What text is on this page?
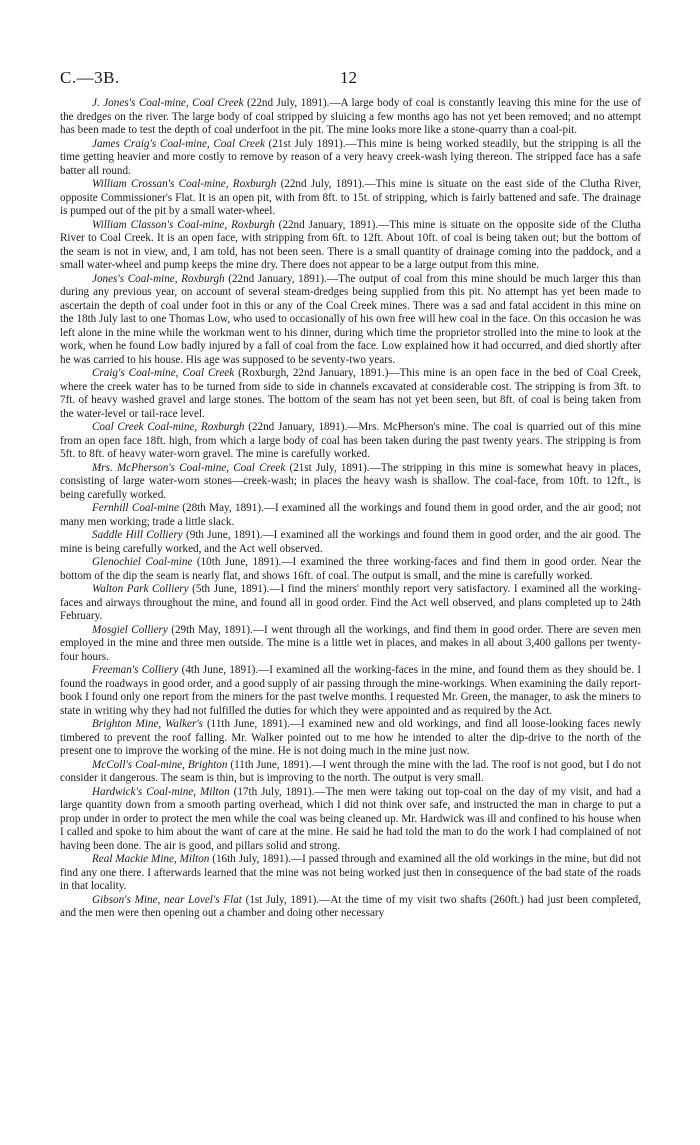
C.—3B.	12

J. Jones's Coal-mine, Coal Creek (22nd July, 1891).—A large body of coal is constantly leaving this mine for the use of the dredges on the river. The large body of coal stripped by sluicing a few months ago has not yet been removed; and no attempt has been made to test the depth of coal underfoot in the pit. The mine looks more like a stone-quarry than a coal-pit.

James Craig's Coal-mine, Coal Creek (21st July 1891).—This mine is being worked steadily, but the stripping is all the time getting heavier and more costly to remove by reason of a very heavy creek-wash lying thereon. The stripped face has a safe batter all round.

William Crossan's Coal-mine, Roxburgh (22nd July, 1891).—This mine is situate on the east side of the Clutha River, opposite Commissioner's Flat. It is an open pit, with from 8ft. to 15t. of stripping, which is fairly battened and safe. The drainage is pumped out of the pit by a small water-wheel.

William Classon's Coal-mine, Roxburgh (22nd January, 1891).—This mine is situate on the opposite side of the Clutha River to Coal Creek. It is an open face, with stripping from 6ft. to 12ft. About 10ft. of coal is being taken out; but the bottom of the seam is not in view, and, I am told, has not been seen. There is a small quantity of drainage coming into the paddock, and a small water-wheel and pump keeps the mine dry. There does not appear to be a large output from this mine.

Jones's Coal-mine, Roxburgh (22nd January, 1891).—The output of coal from this mine should be much larger this than during any previous year, on account of several steam-dredges being supplied from this pit. No attempt has yet been made to ascertain the depth of coal under foot in this or any of the Coal Creek mines. There was a sad and fatal accident in this mine on the 18th July last to one Thomas Low, who used to occasionally of his own free will hew coal in the face. On this occasion he was left alone in the mine while the workman went to his dinner, during which time the proprietor strolled into the mine to look at the work, when he found Low badly injured by a fall of coal from the face. Low explained how it had occurred, and died shortly after he was carried to his house. His age was supposed to be seventy-two years.

Craig's Coal-mine, Coal Creek (Roxburgh, 22nd January, 1891.)—This mine is an open face in the bed of Coal Creek, where the creek water has to be turned from side to side in channels excavated at considerable cost. The stripping is from 3ft. to 7ft. of heavy washed gravel and large stones. The bottom of the seam has not yet been seen, but 8ft. of coal is being taken from the water-level or tail-race level.

Coal Creek Coal-mine, Roxburgh (22nd January, 1891).—Mrs. McPherson's mine. The coal is quarried out of this mine from an open face 18ft. high, from which a large body of coal has been taken during the past twenty years. The stripping is from 5ft. to 8ft. of heavy water-worn gravel. The mine is carefully worked.

Mrs. McPherson's Coal-mine, Coal Creek (21st July, 1891).—The stripping in this mine is somewhat heavy in places, consisting of large water-worn stones—creek-wash; in places the heavy wash is shallow. The coal-face, from 10ft. to 12ft., is being carefully worked.

Fernhill Coal-mine (28th May, 1891).—I examined all the workings and found them in good order, and the air good; not many men working; trade a little slack.

Saddle Hill Colliery (9th June, 1891).—I examined all the workings and found them in good order, and the air good. The mine is being carefully worked, and the Act well observed.

Glenochiel Coal-mine (10th June, 1891).—I examined the three working-faces and find them in good order. Near the bottom of the dip the seam is nearly flat, and shows 16ft. of coal. The output is small, and the mine is carefully worked.

Walton Park Colliery (5th June, 1891).—I find the miners' monthly report very satisfactory. I examined all the working-faces and airways throughout the mine, and found all in good order. Find the Act well observed, and plans completed up to 24th February.

Mosgiel Colliery (29th May, 1891).—I went through all the workings, and find them in good order. There are seven men employed in the mine and three men outside. The mine is a little wet in places, and makes in all about 3,400 gallons per twenty-four hours.

Freeman's Colliery (4th June, 1891).—I examined all the working-faces in the mine, and found them as they should be. I found the roadways in good order, and a good supply of air passing through the mine-workings. When examining the daily report-book I found only one report from the miners for the past twelve months. I requested Mr. Green, the manager, to ask the miners to state in writing why they had not fulfilled the duties for which they were appointed and as required by the Act.

Brighton Mine, Walker's (11th June, 1891).—I examined new and old workings, and find all loose-looking faces newly timbered to prevent the roof falling. Mr. Walker pointed out to me how he intended to alter the dip-drive to the north of the present one to improve the working of the mine. He is not doing much in the mine just now.

McColl's Coal-mine, Brighton (11th June, 1891).—I went through the mine with the lad. The roof is not good, but I do not consider it dangerous. The seam is thin, but is improving to the north. The output is very small.

Hardwick's Coal-mine, Milton (17th July, 1891).—The men were taking out top-coal on the day of my visit, and had a large quantity down from a smooth parting overhead, which I did not think over safe, and instructed the man in charge to put a prop under in order to protect the men while the coal was being cleaned up. Mr. Hardwick was ill and confined to his house when I called and spoke to him about the want of care at the mine. He said he had told the man to do the work I had complained of not having been done. The air is good, and pillars solid and strong.

Real Mackie Mine, Milton (16th July, 1891).—I passed through and examined all the old workings in the mine, but did not find any one there. I afterwards learned that the mine was not being worked just then in consequence of the bad state of the roads in that locality.

Gibson's Mine, near Lovel's Flat (1st July, 1891).—At the time of my visit two shafts (260ft.) had just been completed, and the men were then opening out a chamber and doing other necessary
